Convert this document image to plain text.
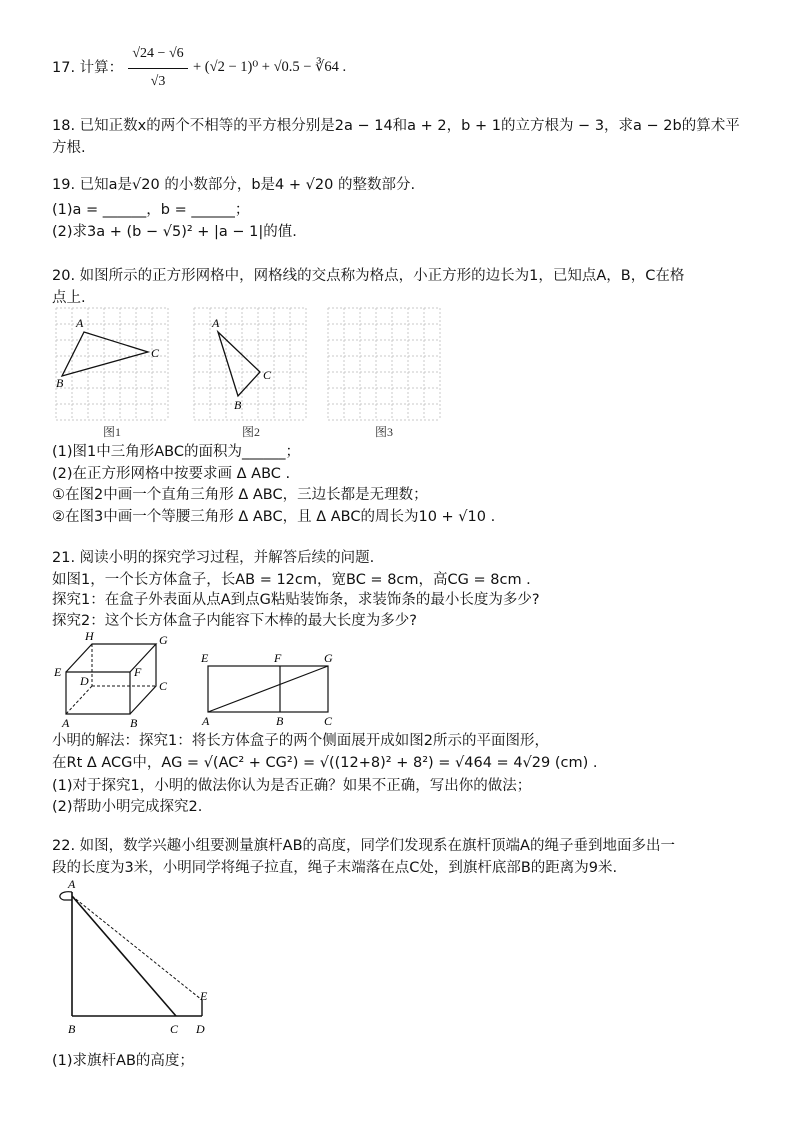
17. 计算：
√24 − √6
√3
+ (√2 − 1)⁰ + √0.5 − ∛64 .
18. 已知正数x的两个不相等的平方根分别是2a − 14和a + 2，b + 1的立方根为 − 3，求a − 2b的算术平
方根.
19. 已知a是√20 的小数部分，b是4 + √20 的整数部分.
(1)a = ______，b = ______；
(2)求3a + (b − √5)² + |a − 1|的值.
20. 如图所示的正方形网格中，网格线的交点称为格点，小正方形的边长为1，已知点A，B，C在格
点上.
A
B
C
图1
A
B
C
图2	图3
(1)图1中三角形ABC的面积为______；
(2)在正方形网格中按要求画 Δ ABC .
①在图2中画一个直角三角形 Δ ABC，三边长都是无理数；
②在图3中画一个等腰三角形 Δ ABC，且 Δ ABC的周长为10 + √10 .
21. 阅读小明的探究学习过程，并解答后续的问题.
如图1，一个长方体盒子，长AB = 12cm，宽BC = 8cm，高CG = 8cm .
探究1：在盒子外表面从点A到点G粘贴装饰条，求装饰条的最小长度为多少?
探究2：这个长方体盒子内能容下木棒的最大长度为多少?
H	G
E	F
D	C
A	B
E	F	G
A	B	C
小明的解法：探究1：将长方体盒子的两个侧面展开成如图2所示的平面图形，
在Rt Δ ACG中，AG = √(AC² + CG²) = √((12+8)² + 8²) = √464 = 4√29 (cm) .
(1)对于探究1，小明的做法你认为是否正确？如果不正确，写出你的做法；
(2)帮助小明完成探究2.
22. 如图，数学兴趣小组要测量旗杆AB的高度，同学们发现系在旗杆顶端A的绳子垂到地面多出一
段的长度为3米，小明同学将绳子拉直，绳子末端落在点C处，到旗杆底部B的距离为9米.
A
B	C D
E
(1)求旗杆AB的高度；
